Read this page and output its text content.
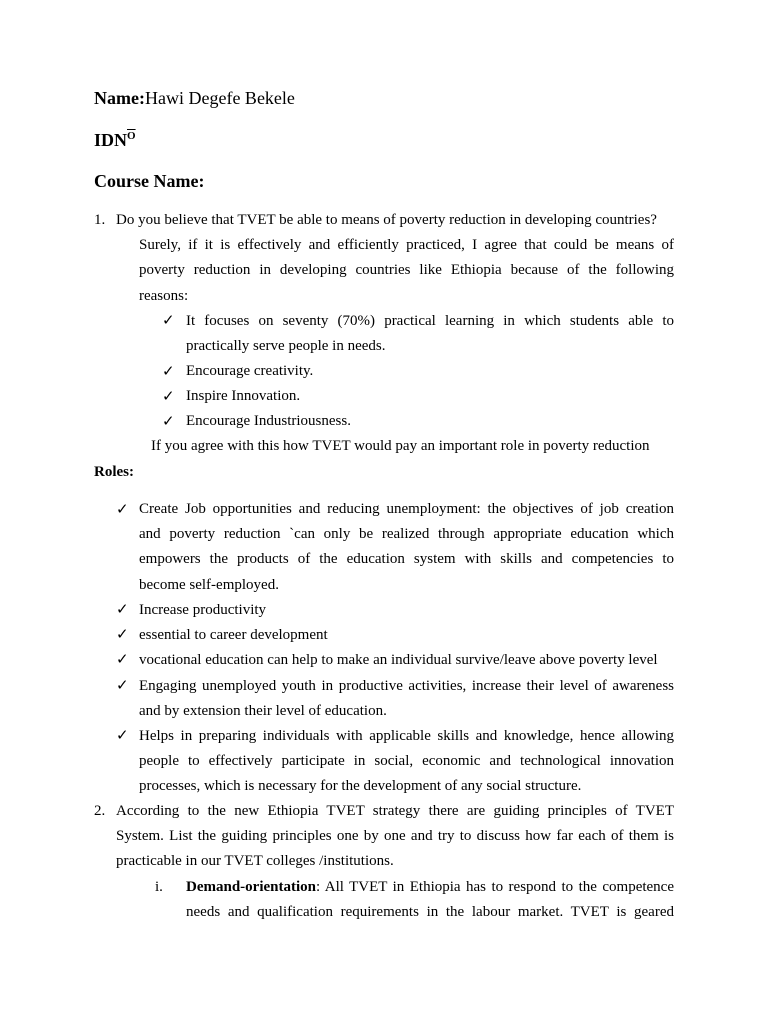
Name:Hawi Degefe Bekele
$IDN^{\overline{O}}$
Course Name:
1. Do you believe that TVET be able to means of poverty reduction in developing countries?
Surely, if it is effectively and efficiently practiced, I agree that could be means of
poverty reduction in developing countries like Ethiopia because of the following
reasons:
✓ It focuses on seventy (70%) practical learning in which students able to
practically serve people in needs.
✓ Encourage creativity.
✓ Inspire Innovation.
✓ Encourage Industriousness.
If you agree with this how TVET would pay an important role in poverty reduction
Roles:
✓ Create Job opportunities and reducing unemployment: the objectives of job creation
and poverty reduction `can only be realized through appropriate education which
empowers the products of the education system with skills and competencies to
become self-employed.
✓ Increase productivity
✓ essential to career development
✓ vocational education can help to make an individual survive/leave above poverty level
✓ Engaging unemployed youth in productive activities, increase their level of awareness
and by extension their level of education.
✓ Helps in preparing individuals with applicable skills and knowledge, hence allowing
people to effectively participate in social, economic and technological innovation
processes, which is necessary for the development of any social structure.
2. According to the new Ethiopia TVET strategy there are guiding principles of TVET
System. List the guiding principles one by one and try to discuss how far each of them is
practicable in our TVET colleges /institutions.
i. Demand-orientation: All TVET in Ethiopia has to respond to the competence
needs and qualification requirements in the labour market. TVET is geared
